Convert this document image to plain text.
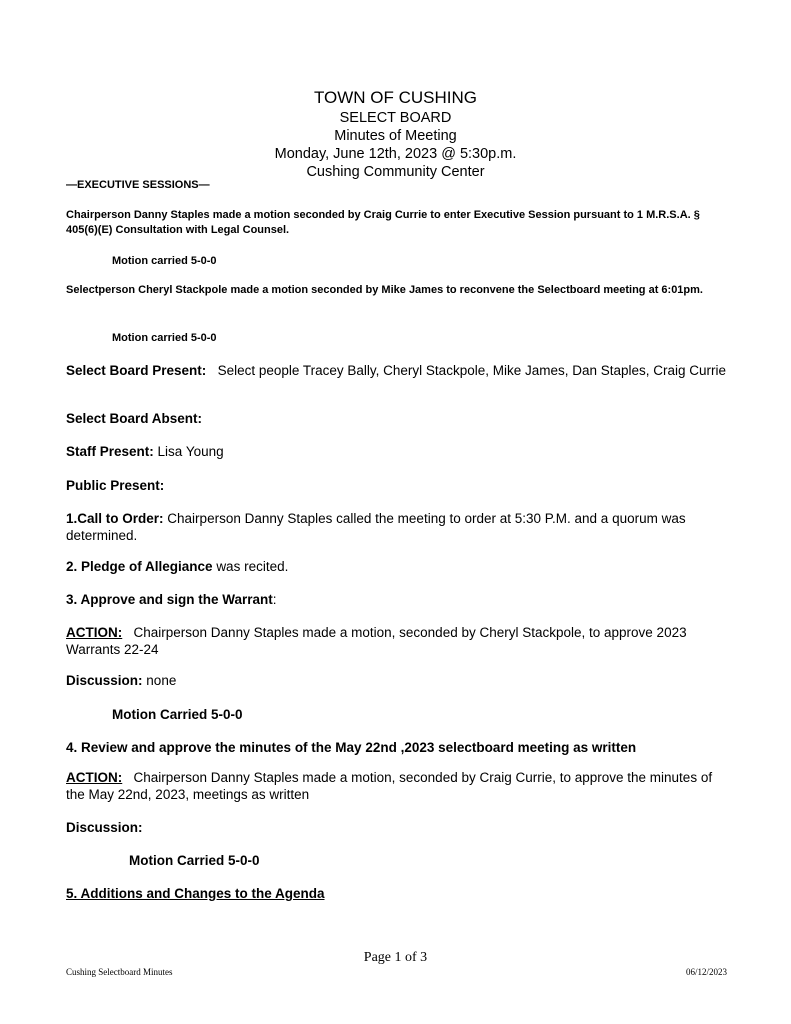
TOWN OF CUSHING
SELECT BOARD
Minutes of Meeting
Monday, June 12th, 2023 @ 5:30p.m.
Cushing Community Center
—EXECUTIVE SESSIONS—
Chairperson Danny Staples made a motion seconded by Craig Currie to enter Executive Session pursuant to 1 M.R.S.A. § 405(6)(E) Consultation with Legal Counsel.
Motion carried 5-0-0
Selectperson Cheryl Stackpole made a motion seconded by Mike James to reconvene the Selectboard meeting at 6:01pm.
Motion carried 5-0-0
Select Board Present: Select people Tracey Bally, Cheryl Stackpole, Mike James, Dan Staples, Craig Currie
Select Board Absent:
Staff Present: Lisa Young
Public Present:
1.Call to Order: Chairperson Danny Staples called the meeting to order at 5:30 P.M. and a quorum was determined.
2. Pledge of Allegiance was recited.
3. Approve and sign the Warrant:
ACTION: Chairperson Danny Staples made a motion, seconded by Cheryl Stackpole, to approve 2023 Warrants 22-24
Discussion: none
Motion Carried 5-0-0
4. Review and approve the minutes of the May 22nd ,2023 selectboard meeting as written
ACTION: Chairperson Danny Staples made a motion, seconded by Craig Currie, to approve the minutes of the May 22nd, 2023, meetings as written
Discussion:
Motion Carried 5-0-0
5. Additions and Changes to the Agenda
Page 1 of 3
Cushing Selectboard Minutes	06/12/2023
